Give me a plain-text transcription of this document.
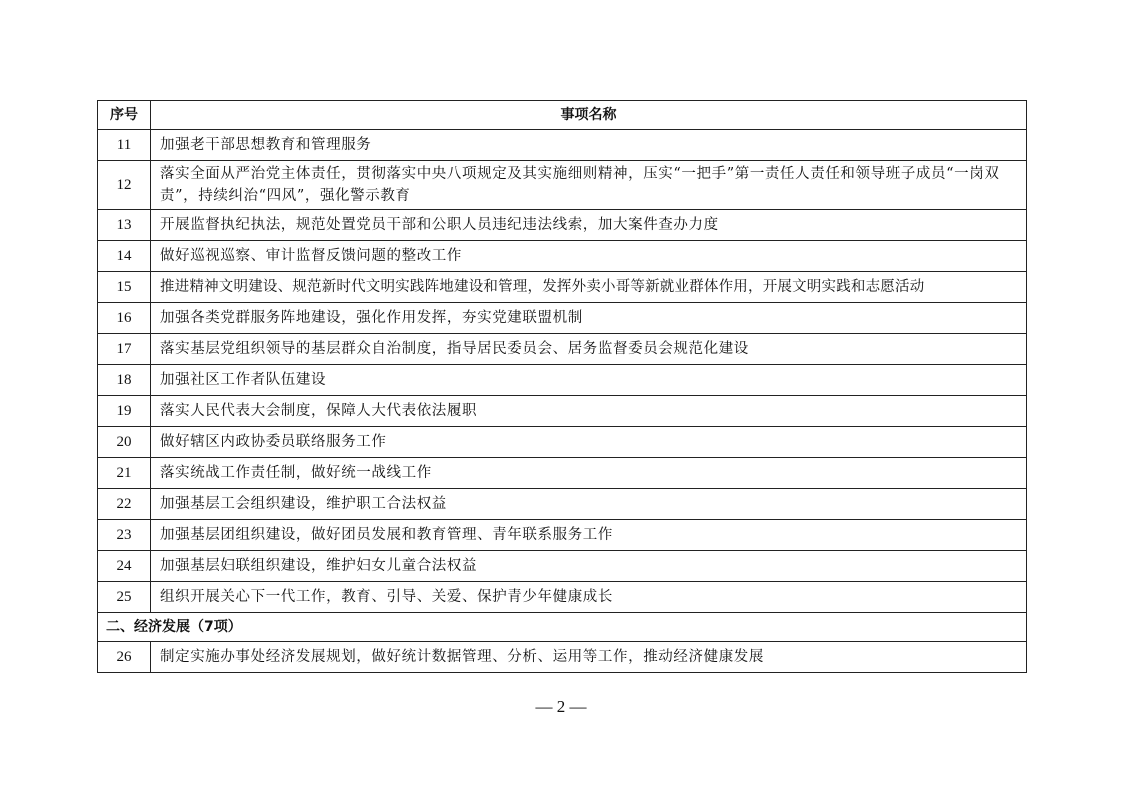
序号	事项名称
11	加强老干部思想教育和管理服务
12	落实全面从严治党主体责任，贯彻落实中央八项规定及其实施细则精神，压实“一把手”第一责任人责任和领导班子成员“一岗双责”，持续纠治“四风”，强化警示教育
13	开展监督执纪执法，规范处置党员干部和公职人员违纪违法线索，加大案件查办力度
14	做好巡视巡察、审计监督反馈问题的整改工作
15	推进精神文明建设、规范新时代文明实践阵地建设和管理，发挥外卖小哥等新就业群体作用，开展文明实践和志愿活动
16	加强各类党群服务阵地建设，强化作用发挥，夯实党建联盟机制
17	落实基层党组织领导的基层群众自治制度，指导居民委员会、居务监督委员会规范化建设
18	加强社区工作者队伍建设
19	落实人民代表大会制度，保障人大代表依法履职
20	做好辖区内政协委员联络服务工作
21	落实统战工作责任制，做好统一战线工作
22	加强基层工会组织建设，维护职工合法权益
23	加强基层团组织建设，做好团员发展和教育管理、青年联系服务工作
24	加强基层妇联组织建设，维护妇女儿童合法权益
25	组织开展关心下一代工作，教育、引导、关爱、保护青少年健康成长
二、经济发展（7项）	
26	制定实施办事处经济发展规划，做好统计数据管理、分析、运用等工作，推动经济健康发展
— 2 —
